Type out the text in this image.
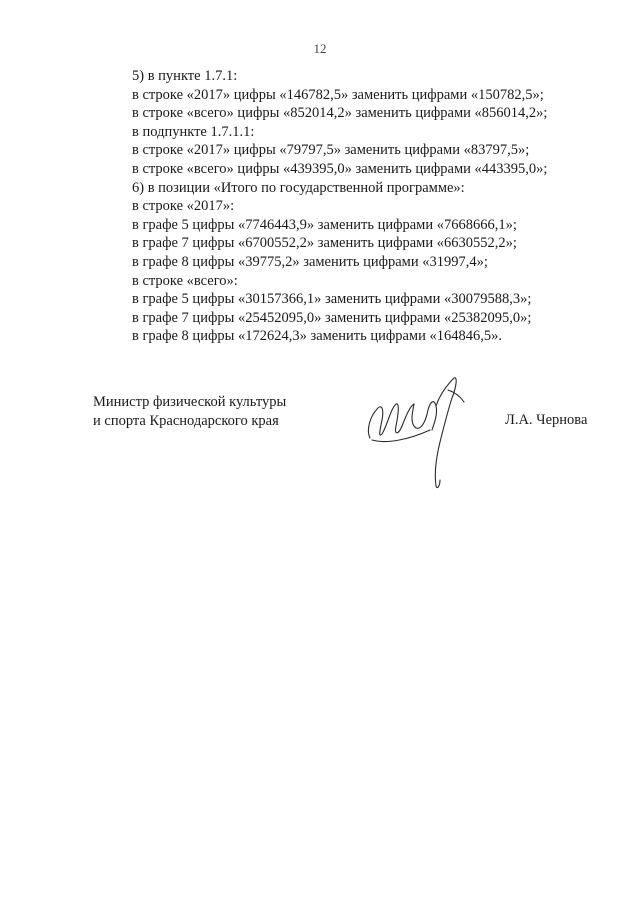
12
5) в пункте 1.7.1:
в строке «2017» цифры «146782,5» заменить цифрами «150782,5»;
в строке «всего» цифры «852014,2» заменить цифрами «856014,2»;
в подпункте 1.7.1.1:
в строке «2017» цифры «79797,5» заменить цифрами «83797,5»;
в строке «всего» цифры «439395,0» заменить цифрами «443395,0»;
6) в позиции «Итого по государственной программе»:
в строке «2017»:
в графе 5 цифры «7746443,9» заменить цифрами «7668666,1»;
в графе 7 цифры «6700552,2» заменить цифрами «6630552,2»;
в графе 8 цифры «39775,2» заменить цифрами «31997,4»;
в строке «всего»:
в графе 5 цифры «30157366,1» заменить цифрами «30079588,3»;
в графе 7 цифры «25452095,0» заменить цифрами «25382095,0»;
в графе 8 цифры «172624,3» заменить цифрами «164846,5».
Министр физической культуры
и спорта Краснодарского края	Л.А. Чернова
